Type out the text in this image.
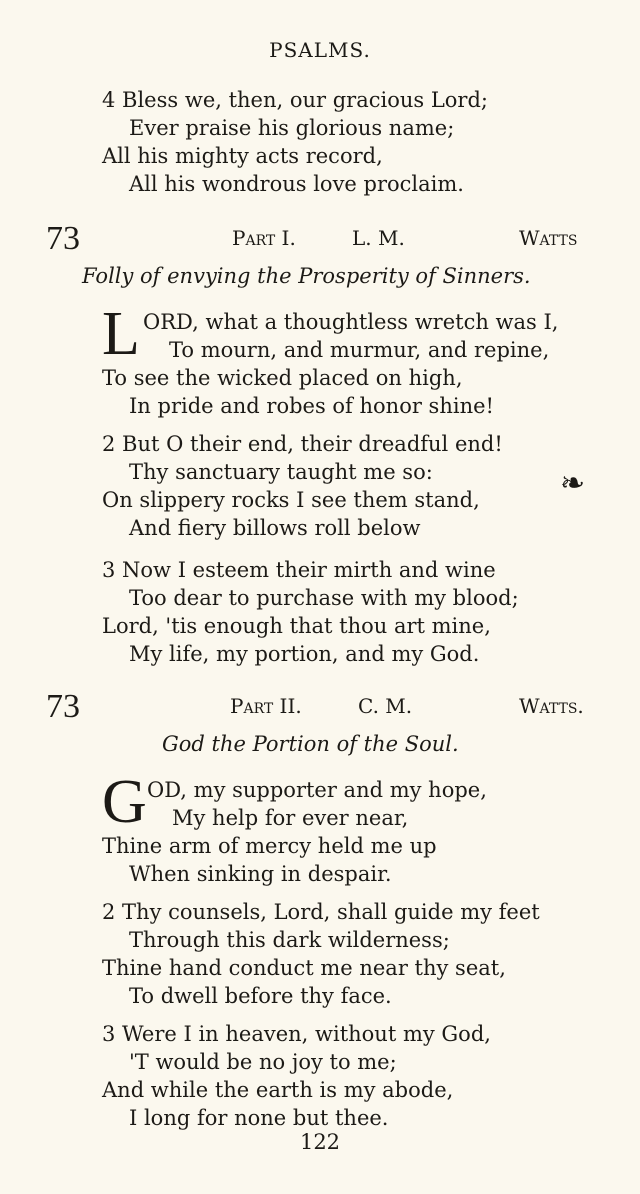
PSALMS.
4 Bless we, then, our gracious Lord;
Ever praise his glorious name;
All his mighty acts record,
All his wondrous love proclaim.
73	Part I.	L. M.	Watts
Folly of envying the Prosperity of Sinners.
L ORD, what a thoughtless wretch was I,
To mourn, and murmur, and repine,
To see the wicked placed on high,
In pride and robes of honor shine!
2 But O their end, their dreadful end!
Thy sanctuary taught me so:
On slippery rocks I see them stand,
And fiery billows roll below
❧
3 Now I esteem their mirth and wine
Too dear to purchase with my blood;
Lord, 'tis enough that thou art mine,
My life, my portion, and my God.
73	Part II.	C. M.	Watts.
God the Portion of the Soul.
G OD, my supporter and my hope,
My help for ever near,
Thine arm of mercy held me up
When sinking in despair.
2 Thy counsels, Lord, shall guide my feet
Through this dark wilderness;
Thine hand conduct me near thy seat,
To dwell before thy face.
3 Were I in heaven, without my God,
'T would be no joy to me;
And while the earth is my abode,
I long for none but thee.
122
